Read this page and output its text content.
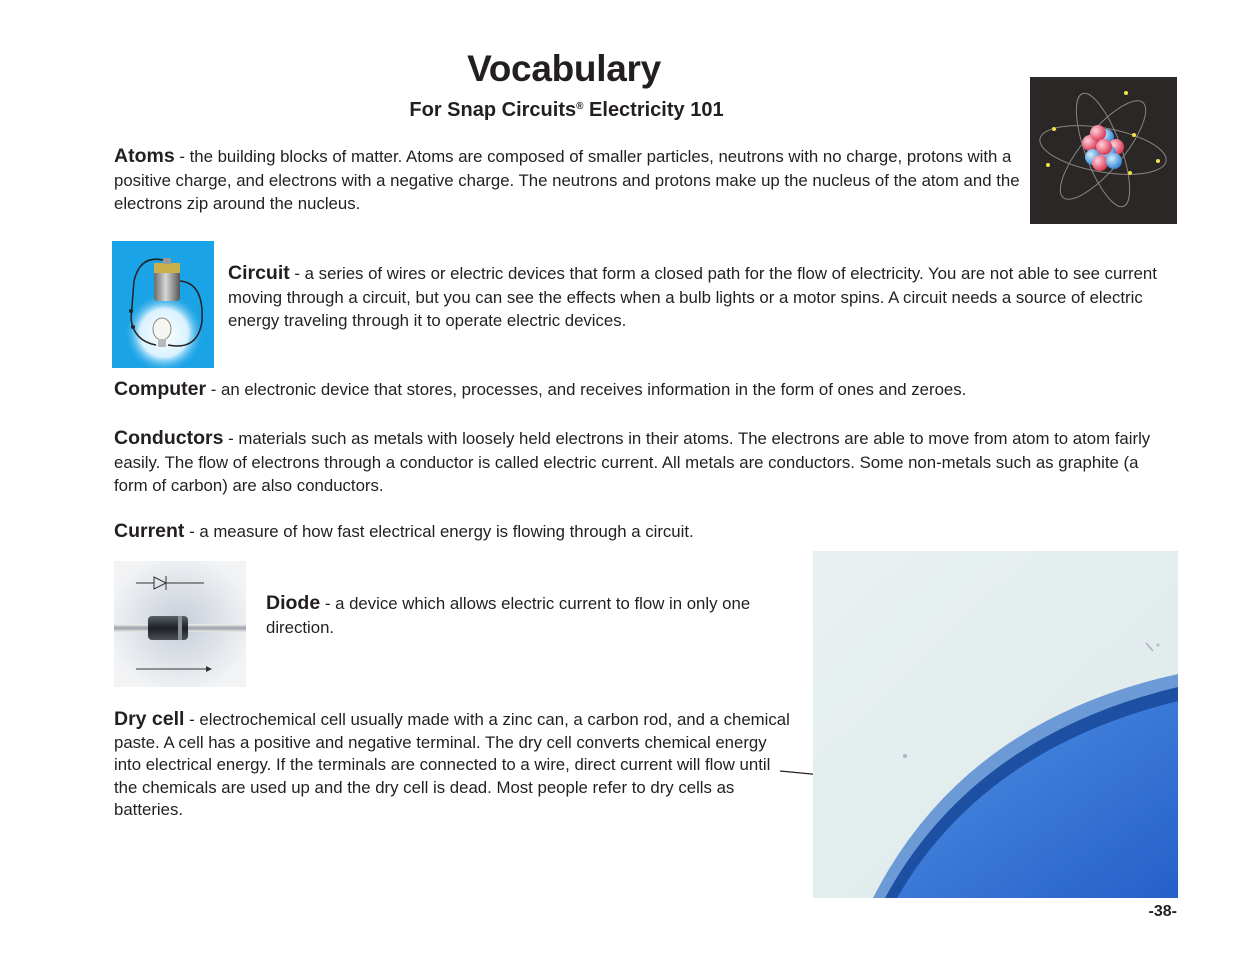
Vocabulary
For Snap Circuits® Electricity 101
Atoms - the building blocks of matter. Atoms are composed of smaller particles, neutrons with no charge, protons with a positive charge, and electrons with a negative charge. The neutrons and protons make up the nucleus of the atom and the electrons zip around the nucleus.
Circuit - a series of wires or electric devices that form a closed path for the flow of electricity. You are not able to see current moving through a circuit, but you can see the effects when a bulb lights or a motor spins. A circuit needs a source of electric energy traveling through it to operate electric devices.
Computer - an electronic device that stores, processes, and receives information in the form of ones and zeroes.
Conductors - materials such as metals with loosely held electrons in their atoms. The electrons are able to move from atom to atom fairly easily. The flow of electrons through a conductor is called electric current. All metals are conductors. Some non-metals such as graphite (a form of carbon) are also conductors.
Current - a measure of how fast electrical energy is flowing through a circuit.
Diode - a device which allows electric current to flow in only one direction.
Dry cell - electrochemical cell usually made with a zinc can, a carbon rod, and a chemical paste. A cell has a positive and negative terminal. The dry cell converts chemical energy into electrical energy. If the terminals are connected to a wire, direct current will flow until the chemicals are used up and the dry cell is dead. Most people refer to dry cells as batteries.
-38-
